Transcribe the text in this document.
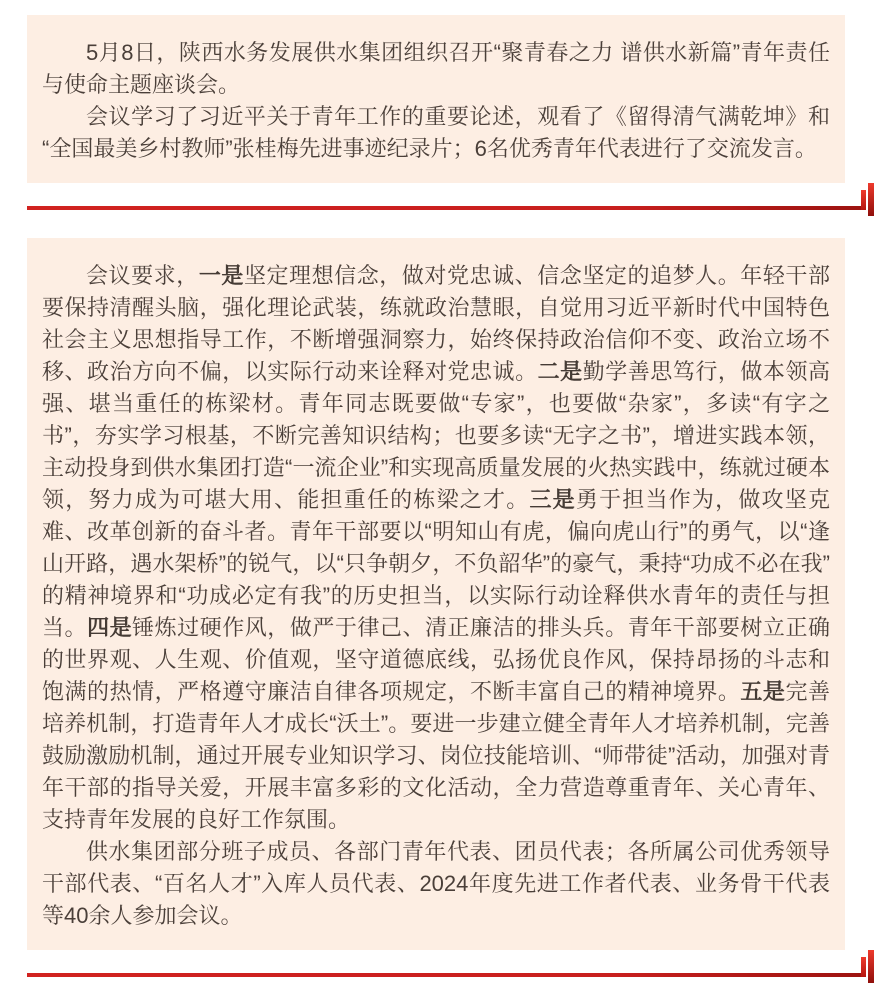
5月8日，陕西水务发展供水集团组织召开“聚青春之力 谱供水新篇”青年责任与使命主题座谈会。

会议学习了习近平关于青年工作的重要论述，观看了《留得清气满乾坤》和“全国最美乡村教师”张桂梅先进事迹纪录片；6名优秀青年代表进行了交流发言。

会议要求，一是坚定理想信念，做对党忠诚、信念坚定的追梦人。年轻干部要保持清醒头脑，强化理论武装，练就政治慧眼，自觉用习近平新时代中国特色社会主义思想指导工作，不断增强洞察力，始终保持政治信仰不变、政治立场不移、政治方向不偏，以实际行动来诠释对党忠诚。二是勤学善思笃行，做本领高强、堪当重任的栋梁材。青年同志既要做“专家”，也要做“杂家”，多读“有字之书”，夯实学习根基，不断完善知识结构；也要多读“无字之书”，增进实践本领，主动投身到供水集团打造“一流企业”和实现高质量发展的火热实践中，练就过硬本领，努力成为可堪大用、能担重任的栋梁之才。三是勇于担当作为，做攻坚克难、改革创新的奋斗者。青年干部要以“明知山有虎，偏向虎山行”的勇气，以“逢山开路，遇水架桥”的锐气，以“只争朝夕，不负韶华”的豪气，秉持“功成不必在我”的精神境界和“功成必定有我”的历史担当，以实际行动诠释供水青年的责任与担当。四是锤炼过硬作风，做严于律己、清正廉洁的排头兵。青年干部要树立正确的世界观、人生观、价值观，坚守道德底线，弘扬优良作风，保持昂扬的斗志和饱满的热情，严格遵守廉洁自律各项规定，不断丰富自己的精神境界。五是完善培养机制，打造青年人才成长“沃土”。要进一步建立健全青年人才培养机制，完善鼓励激励机制，通过开展专业知识学习、岗位技能培训、“师带徒”活动，加强对青年干部的指导关爱，开展丰富多彩的文化活动，全力营造尊重青年、关心青年、支持青年发展的良好工作氛围。

供水集团部分班子成员、各部门青年代表、团员代表；各所属公司优秀领导干部代表、“百名人才”入库人员代表、2024年度先进工作者代表、业务骨干代表等40余人参加会议。
